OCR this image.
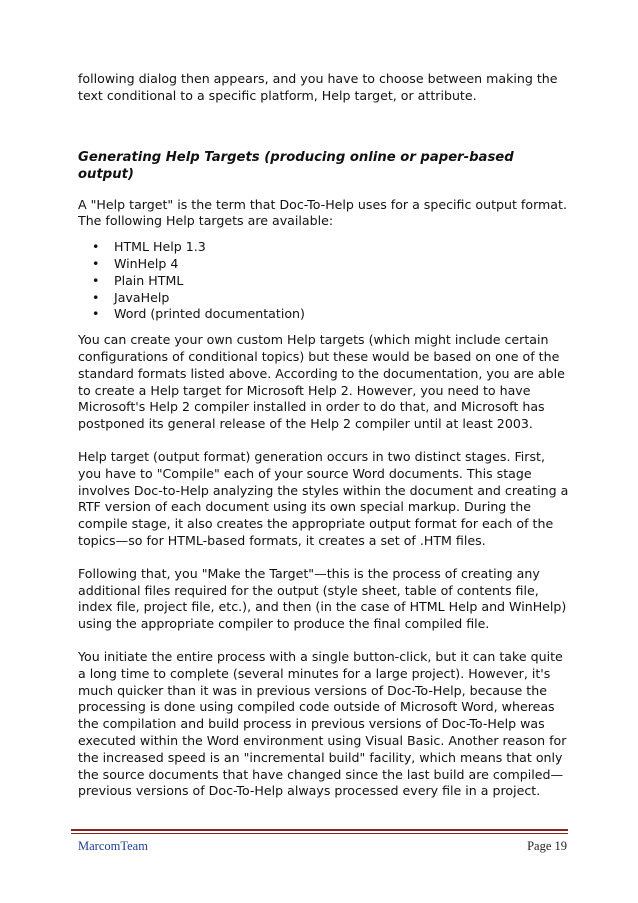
following dialog then appears, and you have to choose between making the text conditional to a specific platform, Help target, or attribute.

Generating Help Targets (producing online or paper-based output)

A "Help target" is the term that Doc-To-Help uses for a specific output format. The following Help targets are available:

• HTML Help 1.3
• WinHelp 4
• Plain HTML
• JavaHelp
• Word (printed documentation)

You can create your own custom Help targets (which might include certain configurations of conditional topics) but these would be based on one of the standard formats listed above. According to the documentation, you are able to create a Help target for Microsoft Help 2. However, you need to have Microsoft's Help 2 compiler installed in order to do that, and Microsoft has postponed its general release of the Help 2 compiler until at least 2003.

Help target (output format) generation occurs in two distinct stages. First, you have to "Compile" each of your source Word documents. This stage involves Doc-to-Help analyzing the styles within the document and creating a RTF version of each document using its own special markup. During the compile stage, it also creates the appropriate output format for each of the topics—so for HTML-based formats, it creates a set of .HTM files.

Following that, you "Make the Target"—this is the process of creating any additional files required for the output (style sheet, table of contents file, index file, project file, etc.), and then (in the case of HTML Help and WinHelp) using the appropriate compiler to produce the final compiled file.

You initiate the entire process with a single button-click, but it can take quite a long time to complete (several minutes for a large project). However, it's much quicker than it was in previous versions of Doc-To-Help, because the processing is done using compiled code outside of Microsoft Word, whereas the compilation and build process in previous versions of Doc-To-Help was executed within the Word environment using Visual Basic. Another reason for the increased speed is an "incremental build" facility, which means that only the source documents that have changed since the last build are compiled—previous versions of Doc-To-Help always processed every file in a project.

MarcomTeam	Page 19
